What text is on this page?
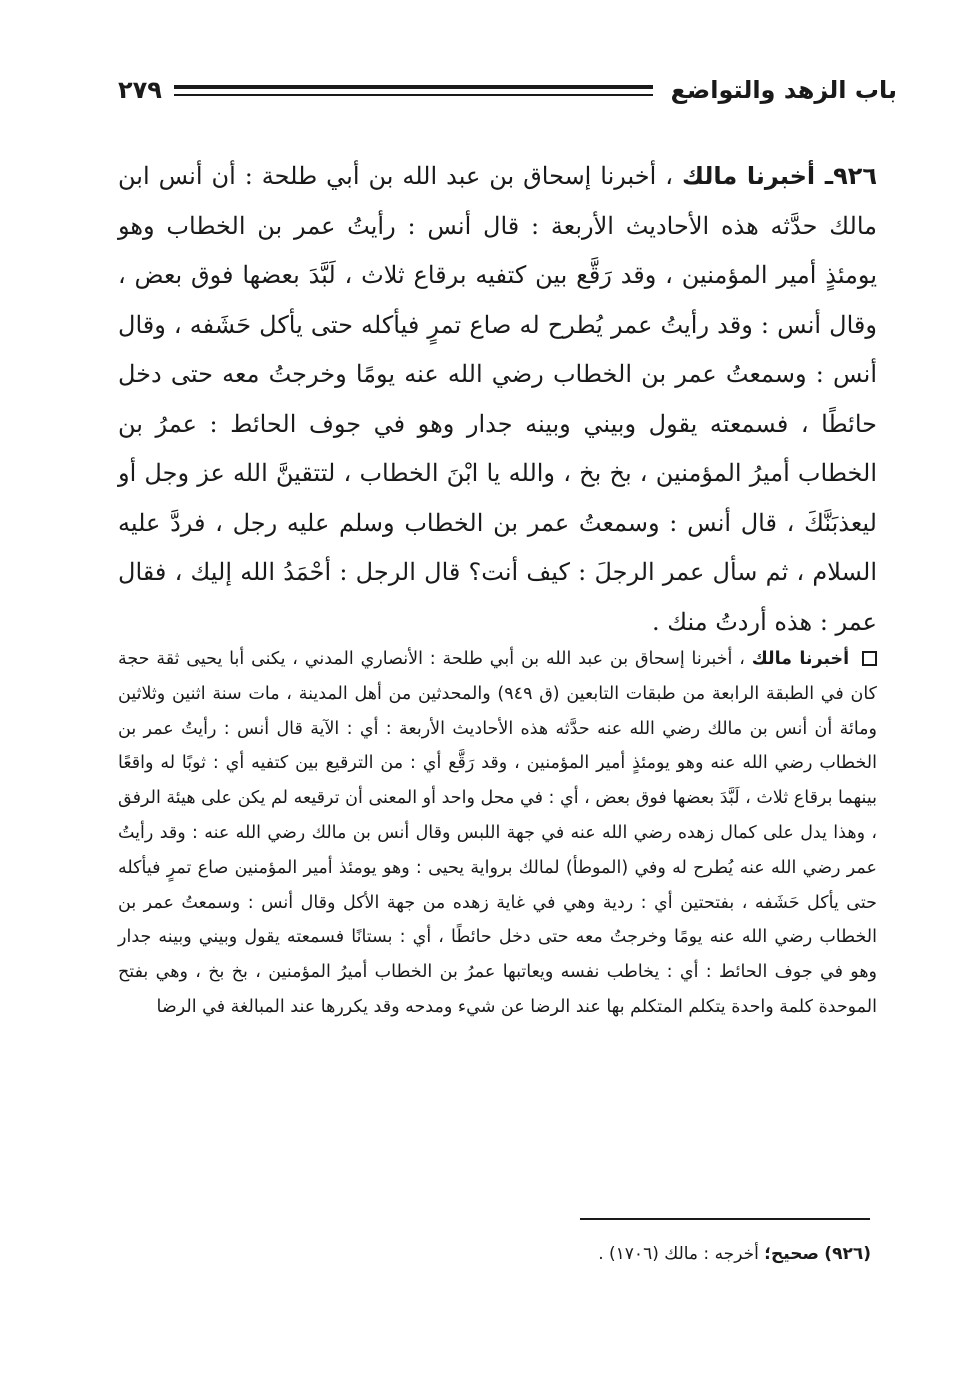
باب الزهد والتواضع
٢٧٩
٩٢٦ـ أخبرنا مالك ، أخبرنا إسحاق بن عبد الله بن أبي طلحة : أن أنس ابن مالك حدَّثه هذه الأحاديث الأربعة : قال أنس : رأيتُ عمر بن الخطاب وهو يومئذٍ أمير المؤمنين ، وقد رَقَّع بين كتفيه برقاع ثلاث ، لَبَّدَ بعضها فوق بعض ، وقال أنس : وقد رأيتُ عمر يُطرح له صاع تمرٍ فيأكله حتى يأكل حَشَفه ، وقال أنس : وسمعتُ عمر بن الخطاب رضي الله عنه يومًا وخرجتُ معه حتى دخل حائطًا ، فسمعته يقول وبيني وبينه جدار وهو في جوف الحائط : عمرُ بن الخطاب أميرُ المؤمنين ، بخ بخ ، والله يا ابْنَ الخطاب ، لتتقينَّ الله عز وجل أو ليعذبَنَّكَ ، قال أنس : وسمعتُ عمر بن الخطاب وسلم عليه رجل ، فردَّ عليه السلام ، ثم سأل عمر الرجلَ : كيف أنت؟ قال الرجل : أحْمَدُ الله إليك ، فقال عمر : هذه أردتُ منك .
أخبرنا مالك ، أخبرنا إسحاق بن عبد الله بن أبي طلحة : الأنصاري المدني ، يكنى أبا يحيى ثقة حجة كان في الطبقة الرابعة من طبقات التابعين (ق ٩٤٩) والمحدثين من أهل المدينة ، مات سنة اثنين وثلاثين ومائة أن أنس بن مالك رضي الله عنه حدَّثه هذه الأحاديث الأربعة : أي : الآية قال أنس : رأيتُ عمر بن الخطاب رضي الله عنه وهو يومئذٍ أمير المؤمنين ، وقد رَقَّع أي : من الترقيع بين كتفيه أي : ثوبًا له واقعًا بينهما برقاع ثلاث ، لَبَّدَ بعضها فوق بعض ، أي : في محل واحد أو المعنى أن ترقيعه لم يكن على هيئة الرفق ، وهذا يدل على كمال زهده رضي الله عنه في جهة اللبس وقال أنس بن مالك رضي الله عنه : وقد رأيتُ عمر رضي الله عنه يُطرح له وفي (الموطأ) لمالك برواية يحيى : وهو يومئذ أمير المؤمنين صاع تمرٍ فيأكله حتى يأكل حَشَفه ، بفتحتين أي : ردية وهي في غاية زهده من جهة الأكل وقال أنس : وسمعتُ عمر بن الخطاب رضي الله عنه يومًا وخرجتُ معه حتى دخل حائطًا ، أي : بستانًا فسمعته يقول وبيني وبينه جدار وهو في جوف الحائط : أي : يخاطب نفسه ويعاتبها عمرُ بن الخطاب أميرُ المؤمنين ، بخ بخ ، وهي بفتح الموحدة كلمة واحدة يتكلم المتكلم بها عند الرضا عن شيء ومدحه وقد يكررها عند المبالغة في الرضا
(٩٢٦) صحيح؛ أخرجه : مالك (١٧٠٦) .
